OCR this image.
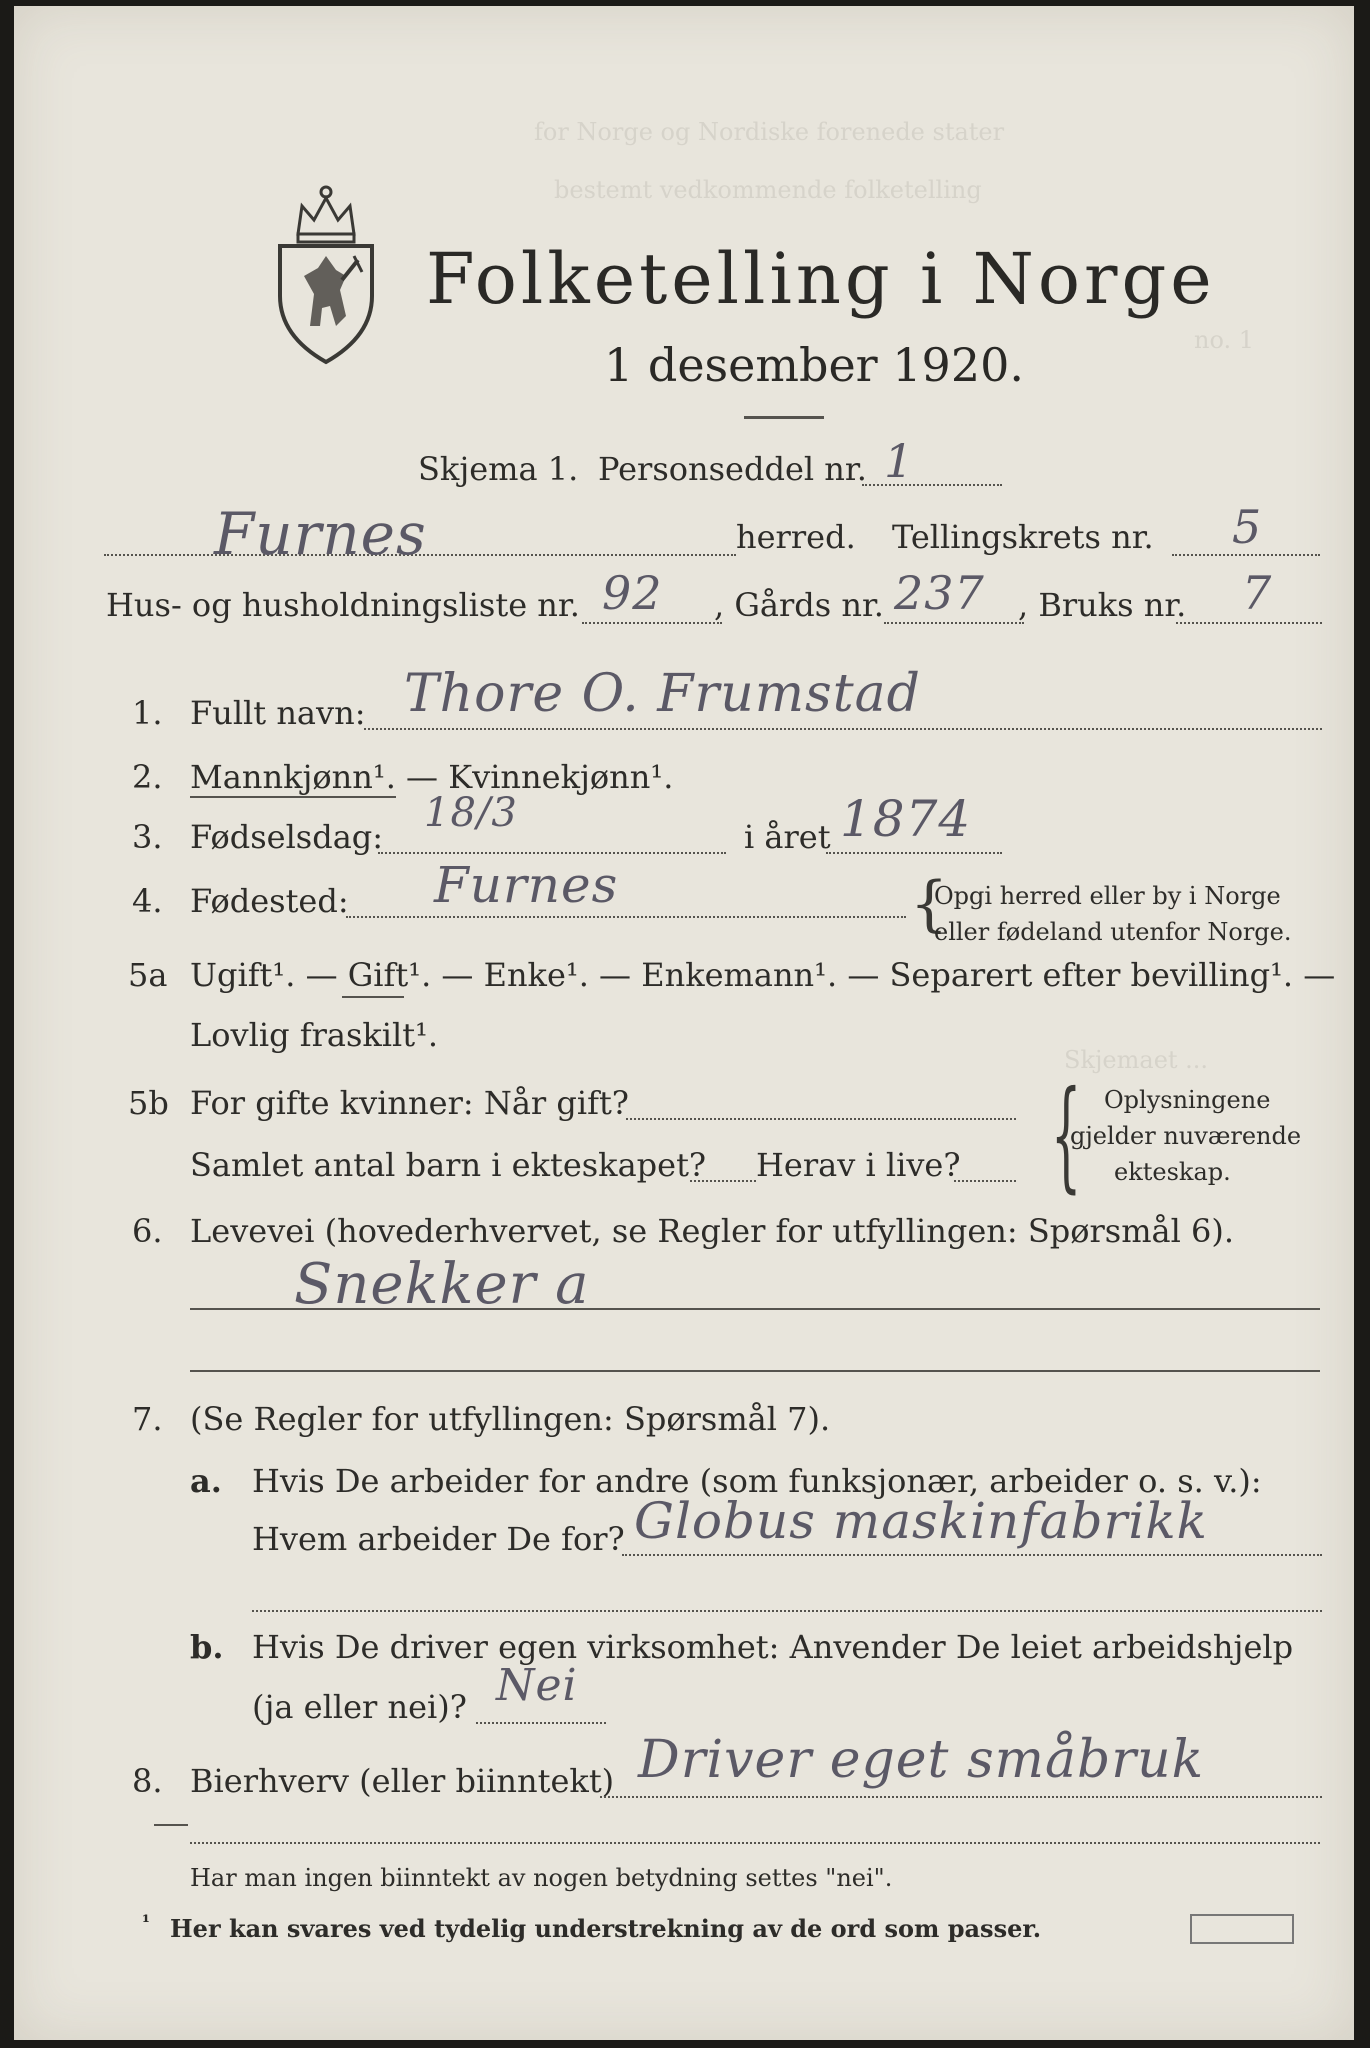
for Norge og Nordiske forenede stater
bestemt vedkommende folketelling
no. 1
Skjemaet ...
Folketelling i Norge
1 desember 1920.
Skjema 1. Personseddel nr. 1
Furnes	herred. Tellingskrets nr. 5
Hus- og husholdningsliste nr. 92 , Gårds nr. 237 , Bruks nr. 7
1. Fullt navn: Thore O. Frumstad
2. Mannkjønn¹. — Kvinnekjønn¹.
3. Fødselsdag:
18/3
i året 1874
4. Fødested: Furnes	{
Opgi herred eller by i Norge
eller fødeland utenfor Norge.
5a Ugift¹. — Gift¹. — Enke¹. — Enkemann¹. — Separert efter bevilling¹. —
Lovlig fraskilt¹.
5b For gifte kvinner: Når gift?
Samlet antal barn i ekteskapet? Herav i live? { Oplysningene
gjelder nuværende
ekteskap.
6. Levevei (hovederhvervet, se Regler for utfyllingen: Spørsmål 6).
Snekker a
7. (Se Regler for utfyllingen: Spørsmål 7).
a. Hvis De arbeider for andre (som funksjonær, arbeider o. s. v.):
Hvem arbeider De for? Globus maskinfabrikk
b. Hvis De driver egen virksomhet: Anvender De leiet arbeidshjelp
(ja eller nei)? Nei
8. Bierhverv (eller biinntekt) Driver eget småbruk
Har man ingen biinntekt av nogen betydning settes "nei".
¹ Her kan svares ved tydelig understrekning av de ord som passer.
